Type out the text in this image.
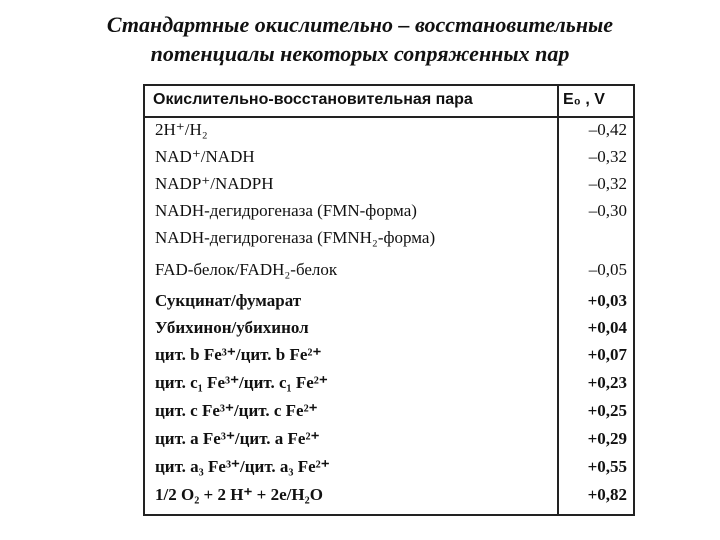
Стандартные окислительно – восстановительные
потенциалы некоторых сопряженных пар
Окислительно-восстановительная пара	E₀ , V
2H⁺/H₂	–0,42
NAD⁺/NADH	–0,32
NADP⁺/NADPH	–0,32
NADH-дегидрогеназа (FMN-форма)	–0,30
NADH-дегидрогеназа (FMNH₂-форма)
FAD-белок/FADH₂-белок	–0,05
Сукцинат/фумарат	+0,03
Убихинон/убихинол	+0,04
цит. b Fe³⁺/цит. b Fe²⁺	+0,07
цит. c₁ Fe³⁺/цит. c₁ Fe²⁺	+0,23
цит. c Fe³⁺/цит. c Fe²⁺	+0,25
цит. a Fe³⁺/цит. a Fe²⁺	+0,29
цит. a₃ Fe³⁺/цит. a₃ Fe²⁺	+0,55
1/2 O₂ + 2 H⁺ + 2e/H₂O	+0,82
